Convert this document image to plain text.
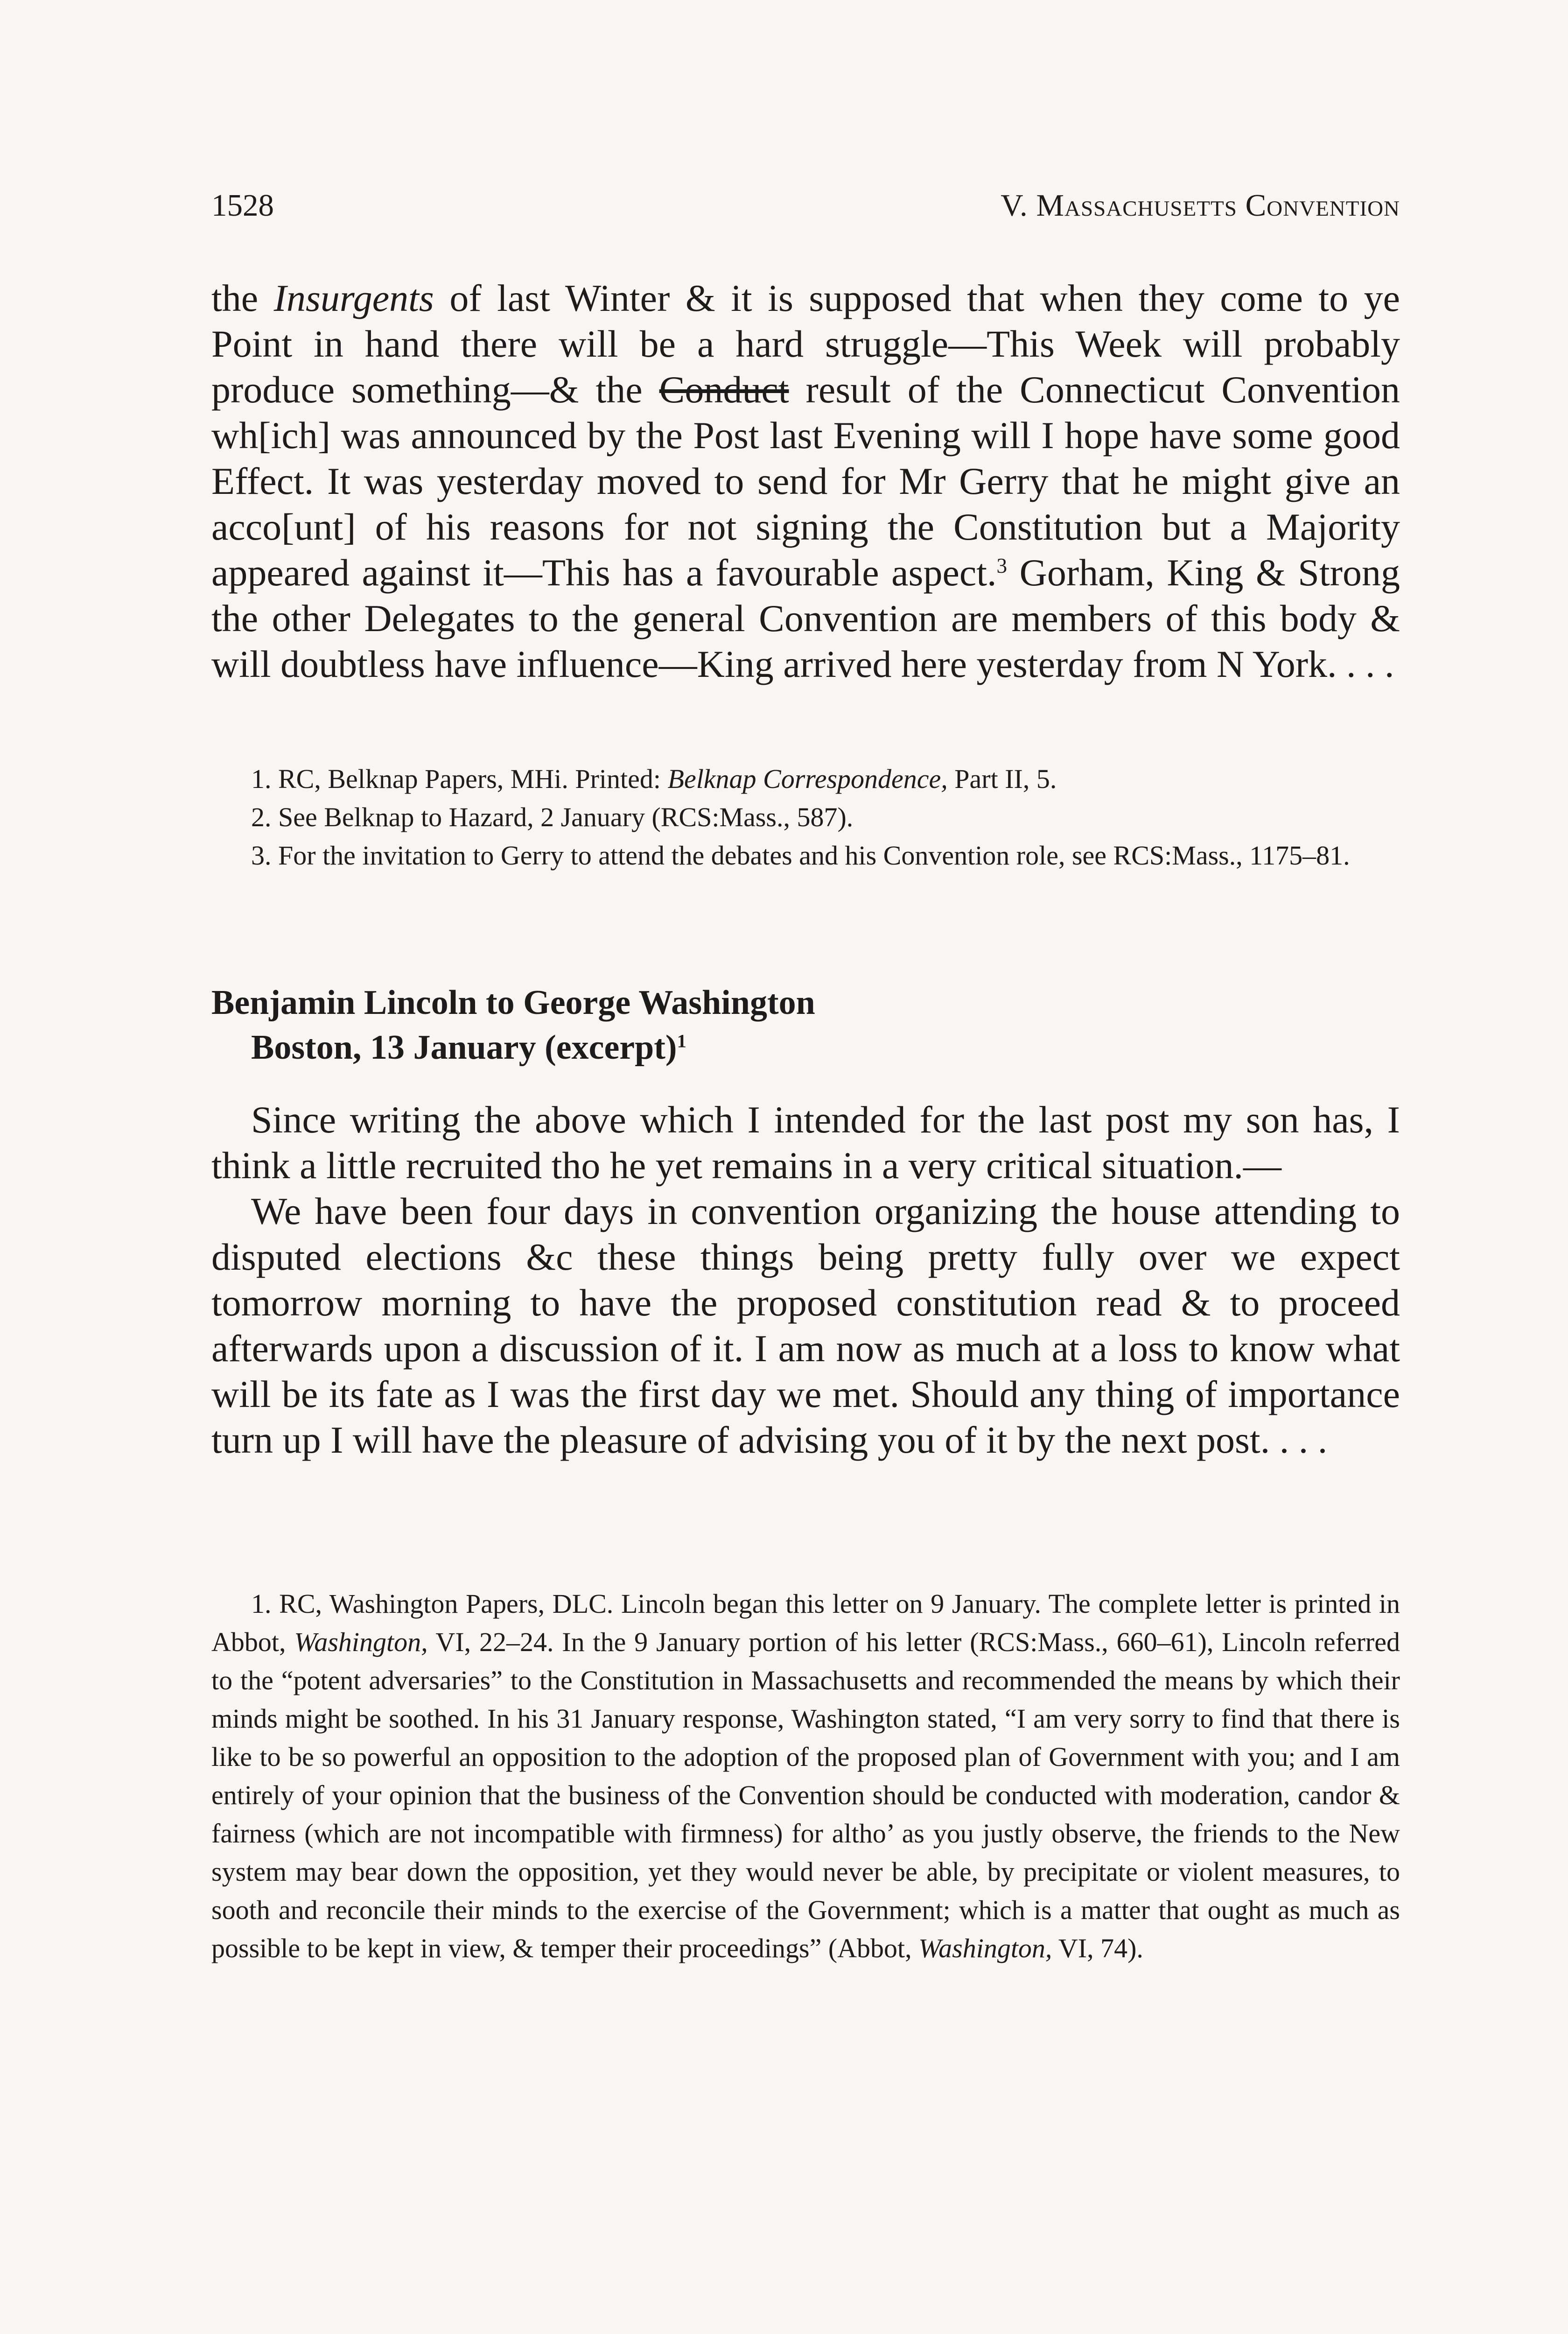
1528	V. Massachusetts Convention

the Insurgents of last Winter & it is supposed that when they come to ye Point in hand there will be a hard struggle—This Week will probably produce something—& the Conduct result of the Connecticut Convention wh[ich] was announced by the Post last Evening will I hope have some good Effect. It was yesterday moved to send for Mr Gerry that he might give an acco[unt] of his reasons for not signing the Constitution but a Majority appeared against it—This has a favourable aspect.$^3$ Gorham, King & Strong the other Delegates to the general Convention are members of this body & will doubtless have influence—King arrived here yesterday from N York. . . .

1. RC, Belknap Papers, MHi. Printed: Belknap Correspondence, Part II, 5.

2. See Belknap to Hazard, 2 January (RCS:Mass., 587).

3. For the invitation to Gerry to attend the debates and his Convention role, see RCS:Mass., 1175–81.

Benjamin Lincoln to George Washington
Boston, 13 January (excerpt)$^1$

Since writing the above which I intended for the last post my son has, I think a little recruited tho he yet remains in a very critical situation.—

We have been four days in convention organizing the house attending to disputed elections &c these things being pretty fully over we expect tomorrow morning to have the proposed constitution read & to proceed afterwards upon a discussion of it. I am now as much at a loss to know what will be its fate as I was the first day we met. Should any thing of importance turn up I will have the pleasure of advising you of it by the next post. . . .

1. RC, Washington Papers, DLC. Lincoln began this letter on 9 January. The complete letter is printed in Abbot, Washington, VI, 22–24. In the 9 January portion of his letter (RCS:Mass., 660–61), Lincoln referred to the “potent adversaries” to the Constitution in Massachusetts and recommended the means by which their minds might be soothed. In his 31 January response, Washington stated, “I am very sorry to find that there is like to be so powerful an opposition to the adoption of the proposed plan of Government with you; and I am entirely of your opinion that the business of the Convention should be conducted with moderation, candor & fairness (which are not incompatible with firmness) for altho’ as you justly observe, the friends to the New system may bear down the opposition, yet they would never be able, by precipitate or violent measures, to sooth and reconcile their minds to the exercise of the Government; which is a matter that ought as much as possible to be kept in view, & temper their proceedings” (Abbot, Washington, VI, 74).
